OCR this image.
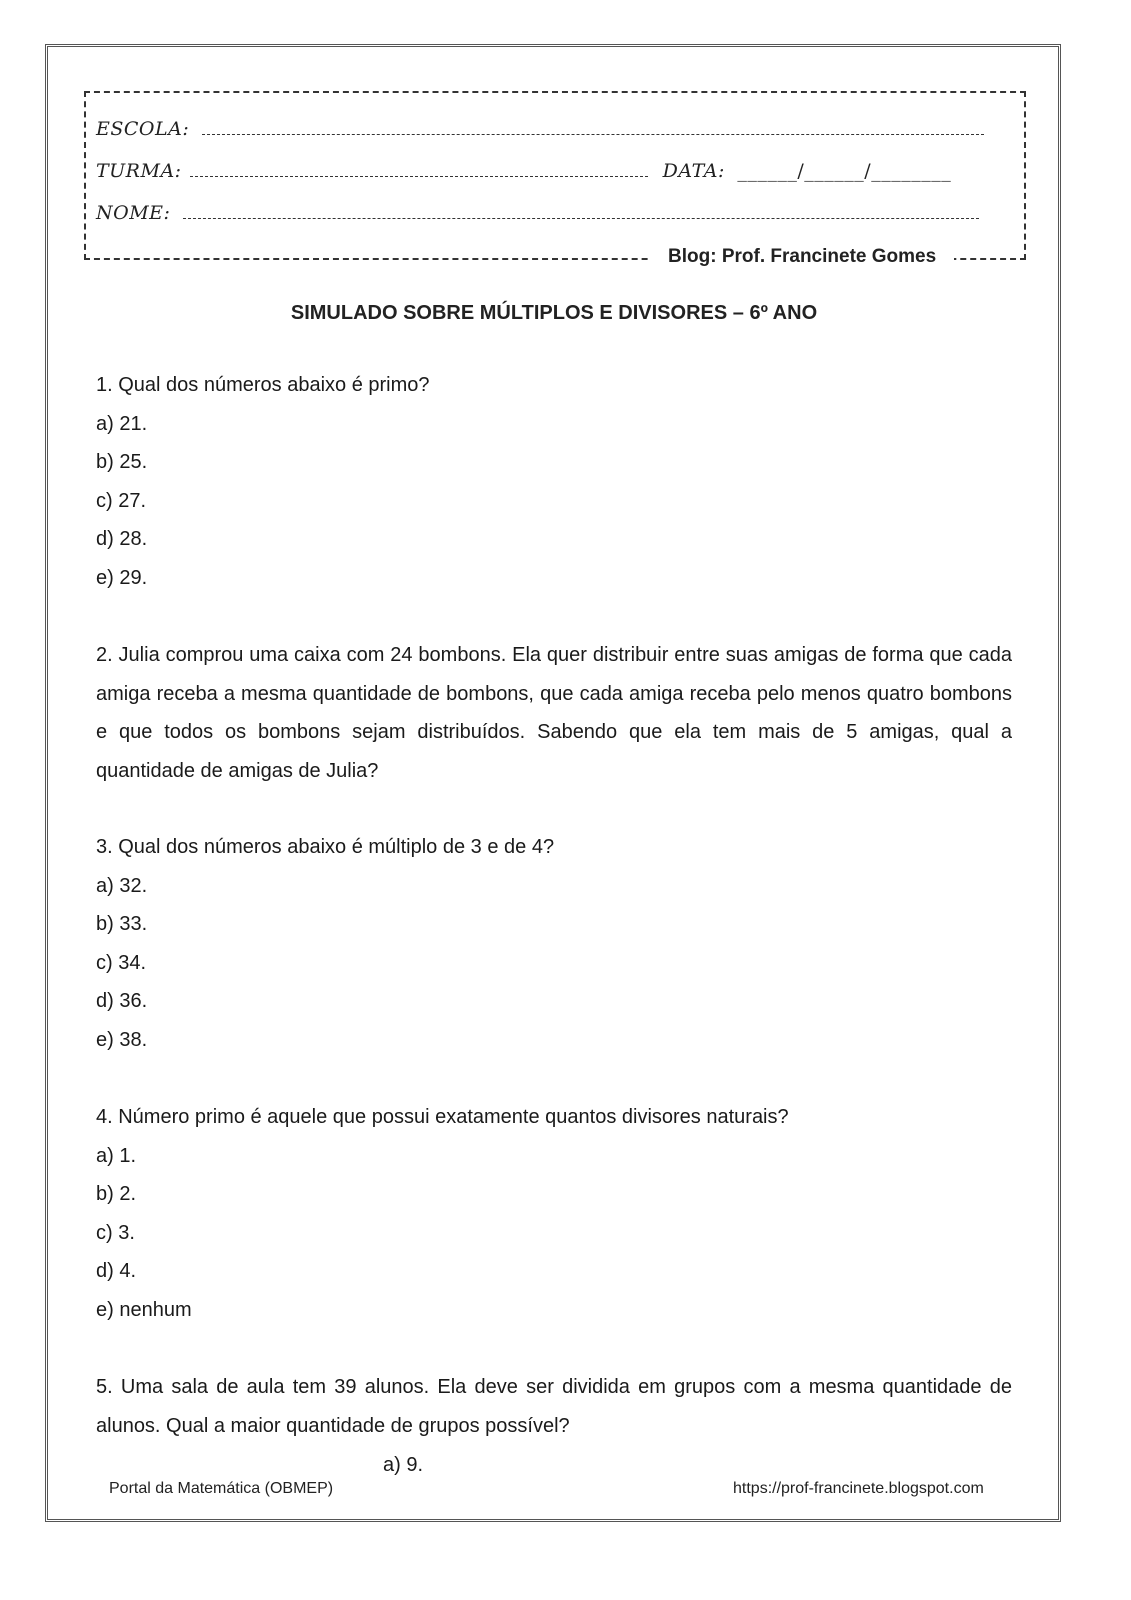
ESCOLA:
TURMA:	DATA: ______/______/________
NOME:
Blog: Prof. Francinete Gomes
SIMULADO SOBRE MÚLTIPLOS E DIVISORES – 6º ANO

1. Qual dos números abaixo é primo?

a) 21.

b) 25.

c) 27.

d) 28.

e) 29.

2. Julia comprou uma caixa com 24 bombons. Ela quer distribuir entre suas amigas de forma que cada amiga receba a mesma quantidade de bombons, que cada amiga receba pelo menos quatro bombons e que todos os bombons sejam distribuídos. Sabendo que ela tem mais de 5 amigas, qual a quantidade de amigas de Julia?

3. Qual dos números abaixo é múltiplo de 3 e de 4?

a) 32.

b) 33.

c) 34.

d) 36.

e) 38.

4. Número primo é aquele que possui exatamente quantos divisores naturais?

a) 1.

b) 2.

c) 3.

d) 4.

e) nenhum

5. Uma sala de aula tem 39 alunos. Ela deve ser dividida em grupos com a mesma quantidade de alunos. Qual a maior quantidade de grupos possível?

a) 9.

Portal da Matemática (OBMEP)	https://prof-francinete.blogspot.com
